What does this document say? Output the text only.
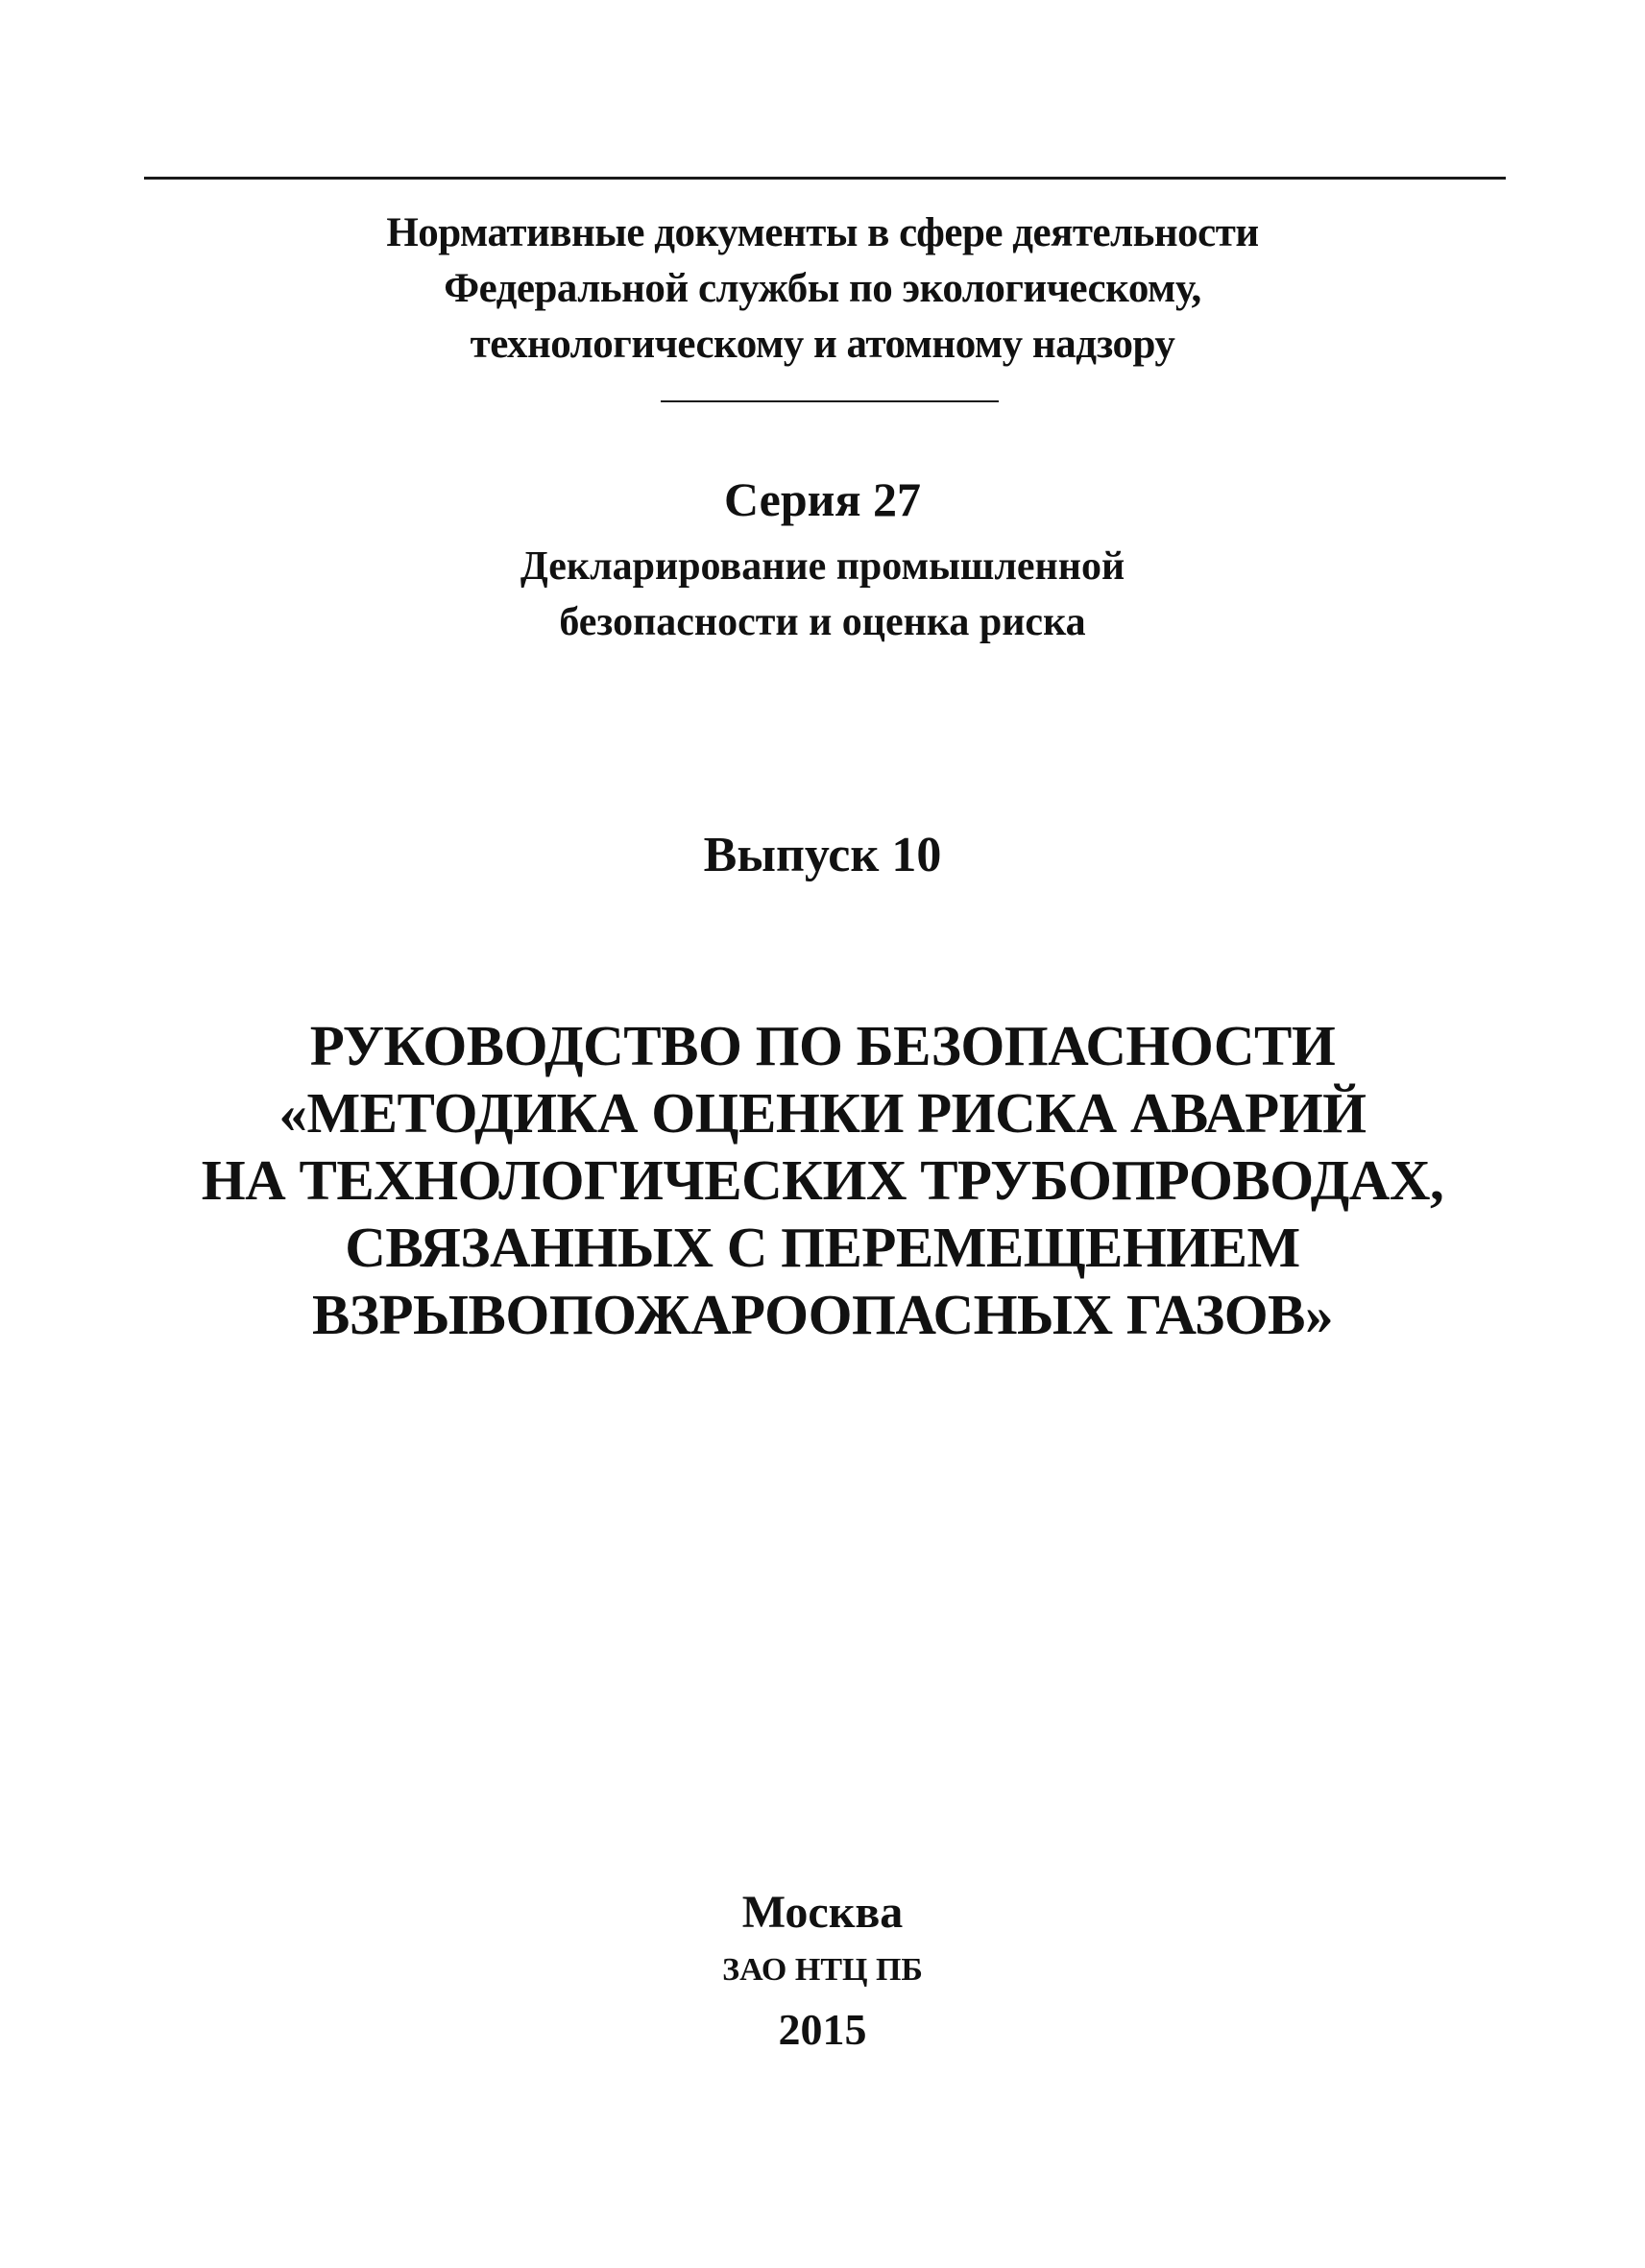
Нормативные документы в сфере деятельности
Федеральной службы по экологическому,
технологическому и атомному надзору
Серия 27
Декларирование промышленной
безопасности и оценка риска
Выпуск 10
РУКОВОДСТВО ПО БЕЗОПАСНОСТИ
«МЕТОДИКА ОЦЕНКИ РИСКА АВАРИЙ
НА ТЕХНОЛОГИЧЕСКИХ ТРУБОПРОВОДАХ,
СВЯЗАННЫХ С ПЕРЕМЕЩЕНИЕМ
ВЗРЫВОПОЖАРООПАСНЫХ ГАЗОВ»
Москва
ЗАО НТЦ ПБ
2015
